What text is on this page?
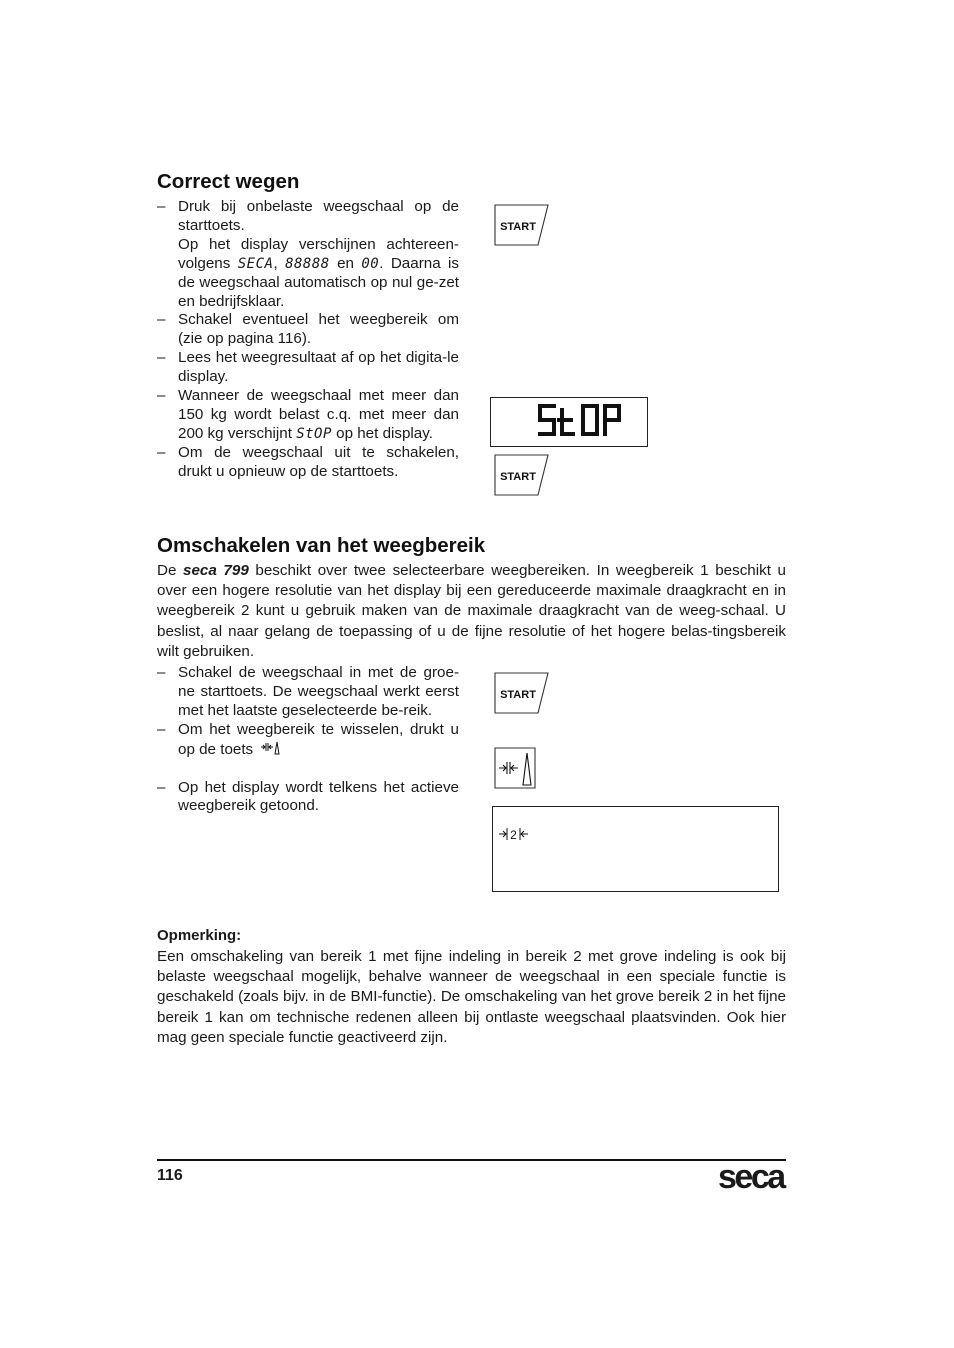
Correct wegen

– Druk bij onbelaste weegschaal op de starttoets.
Op het display verschijnen achtereen-volgens SECA, 88888 en 00. Daarna is de weegschaal automatisch op nul ge-zet en bedrijfsklaar.

– Schakel eventueel het weegbereik om (zie op pagina 116).

– Lees het weegresultaat af op het digita-le display.

– Wanneer de weegschaal met meer dan 150 kg wordt belast c.q. met meer dan 200 kg verschijnt StOP op het display.

– Om de weegschaal uit te schakelen, drukt u opnieuw op de starttoets.

START
START
Omschakelen van het weegbereik
De seca 799 beschikt over twee selecteerbare weegbereiken. In weegbereik 1 beschikt u over een hogere resolutie van het display bij een gereduceerde maximale draagkracht en in weegbereik 2 kunt u gebruik maken van de maximale draagkracht van de weeg-schaal. U beslist, al naar gelang de toepassing of u de fijne resolutie of het hogere belas-tingsbereik wilt gebruiken.

– Schakel de weegschaal in met de groe-ne starttoets. De weegschaal werkt eerst met het laatste geselecteerde be-reik.

– Om het weegbereik te wisselen, drukt u op de toets

– Op het display wordt telkens het actieve weegbereik getoond.

START
2
Opmerking:
Een omschakeling van bereik 1 met fijne indeling in bereik 2 met grove indeling is ook bij belaste weegschaal mogelijk, behalve wanneer de weegschaal in een speciale functie is geschakeld (zoals bijv. in de BMI-functie). De omschakeling van het grove bereik 2 in het fijne bereik 1 kan om technische redenen alleen bij ontlaste weegschaal plaatsvinden. Ook hier mag geen speciale functie geactiveerd zijn.
116	seca
